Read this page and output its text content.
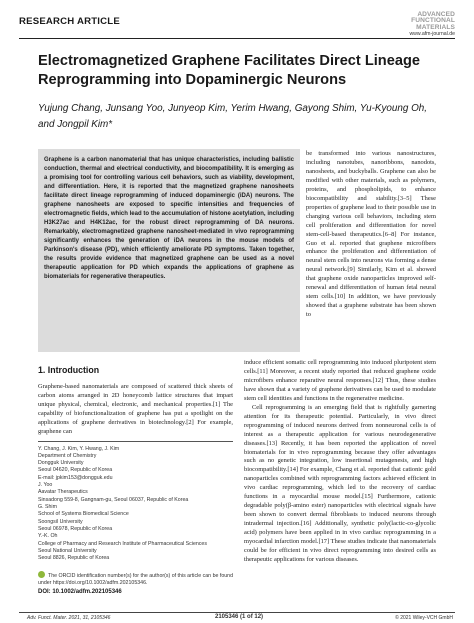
RESEARCH ARTICLE
ADVANCED
FUNCTIONAL
MATERIALS
www.afm-journal.de
Electromagnetized Graphene Facilitates Direct Lineage Reprogramming into Dopaminergic Neurons
Yujung Chang, Junsang Yoo, Junyeop Kim, Yerim Hwang, Gayong Shim, Yu-Kyoung Oh, and Jongpil Kim*

Graphene is a carbon nanomaterial that has unique characteristics, including ballistic conduction, thermal and electrical conductivity, and biocompatibility. It is emerging as a promising tool for controlling various cell behaviors, such as viability, development, and differentiation. Here, it is reported that the magnetized graphene nanosheets facilitate direct lineage reprogramming of induced dopaminergic (iDA) neurons. The graphene nanosheets are exposed to specific intensities and frequencies of electromagnetic fields, which lead to the accumulation of histone acetylation, including H3K27ac and H4K12ac, for the robust direct reprogramming of DA neurons. Remarkably, electromagnetized graphene nanosheet-mediated in vivo reprogramming significantly enhances the generation of iDA neurons in the mouse models of Parkinson's disease (PD), which efficiently ameliorate PD symptoms. Taken together, the results provide evidence that magnetized graphene can be used as a novel therapeutic application for PD which expands the applications of graphene as biomaterials for regenerative therapeutics.

be transformed into various nanostructures, including nanotubes, nanoribbons, nanodots, nanosheets, and buckyballs. Graphene can also be modified with other materials, such as polymers, proteins, and phospholipids, to enhance biocompatibility and stability.[3–5] These properties of graphene lead to their possible use in changing various cell behaviors, including stem cell proliferation and differentiation for novel stem-cell-based therapeutics.[6–8] For instance, Guo et al. reported that graphene microfibers enhance the proliferation and differentiation of neural stem cells into neurons via forming a dense neural network.[9] Similarly, Kim et al. showed that graphene oxide nanoparticles improved self-renewal and differentiation of human fetal neural stem cells.[10] In addition, we have previously showed that a graphene substrate has been shown to

1. Introduction

Graphene-based nanomaterials are composed of scattered thick sheets of carbon atoms arranged in 2D honeycomb lattice structures that impart unique physical, chemical, electronic, and mechanical properties.[1] The capability of biofunctionalization of graphene has put a spotlight on the applications of graphene derivatives in biotechnology.[2] For example, graphene can

induce efficient somatic cell reprogramming into induced pluripotent stem cells.[11] Moreover, a recent study reported that reduced graphene oxide microfibers enhance reparative neural responses.[12] Thus, these studies have shown that a variety of graphene derivatives can be used to modulate stem cell identities and functions in the regenerative medicine.

Cell reprogramming is an emerging field that is rightfully garnering attention for its therapeutic potential. Particularly, in vivo direct reprogramming of induced neurons derived from nonneuronal cells is of interest as a therapeutic application for various neurodegenerative diseases.[13] Recently, it has been reported the application of novel biomaterials for in vivo reprogramming because they offer advantages such as no genetic integration, low insertional mutagenesis, and high biocompatibility.[14] For example, Chang et al. reported that cationic gold nanoparticles combined with reprogramming factors achieved efficient in vivo cardiac reprogramming, which led to the recovery of cardiac functions in a myocardial mouse model.[15] Furthermore, cationic degradable poly(β-amino ester) nanoparticles with electrical signals have been shown to convert dermal fibroblasts to induced neurons through intradermal injection.[16] Additionally, synthetic poly(lactic-co-glycolic acid) polymers have been applied in in vivo cardiac reprogramming in a myocardial infarction model.[17] These studies indicate that nanomaterials could be for efficient in vivo direct reprogramming into desired cells as therapeutic applications for various diseases.

Y. Chang, J. Kim, Y. Hwang, J. Kim
Department of Chemistry
Dongguk University
Seoul 04620, Republic of Korea
E-mail: jpkim153@dongguk.edu
J. Yoo
Aavatar Therapeutics
Sinsadong 559-8, Gangnam-gu, Seoul 06037, Republic of Korea
G. Shim
School of Systems Biomedical Science
Soongsil University
Seoul 06978, Republic of Korea
Y.-K. Oh
College of Pharmacy and Research Institute of Pharmaceutical Sciences
Seoul National University
Seoul 8826, Republic of Korea
The ORCID identification number(s) for the author(s) of this article can be found under https://doi.org/10.1002/adfm.202105346.
DOI: 10.1002/adfm.202105346
Adv. Funct. Mater. 2021, 31, 2105346	2105346 (1 of 12)	© 2021 Wiley-VCH GmbH
